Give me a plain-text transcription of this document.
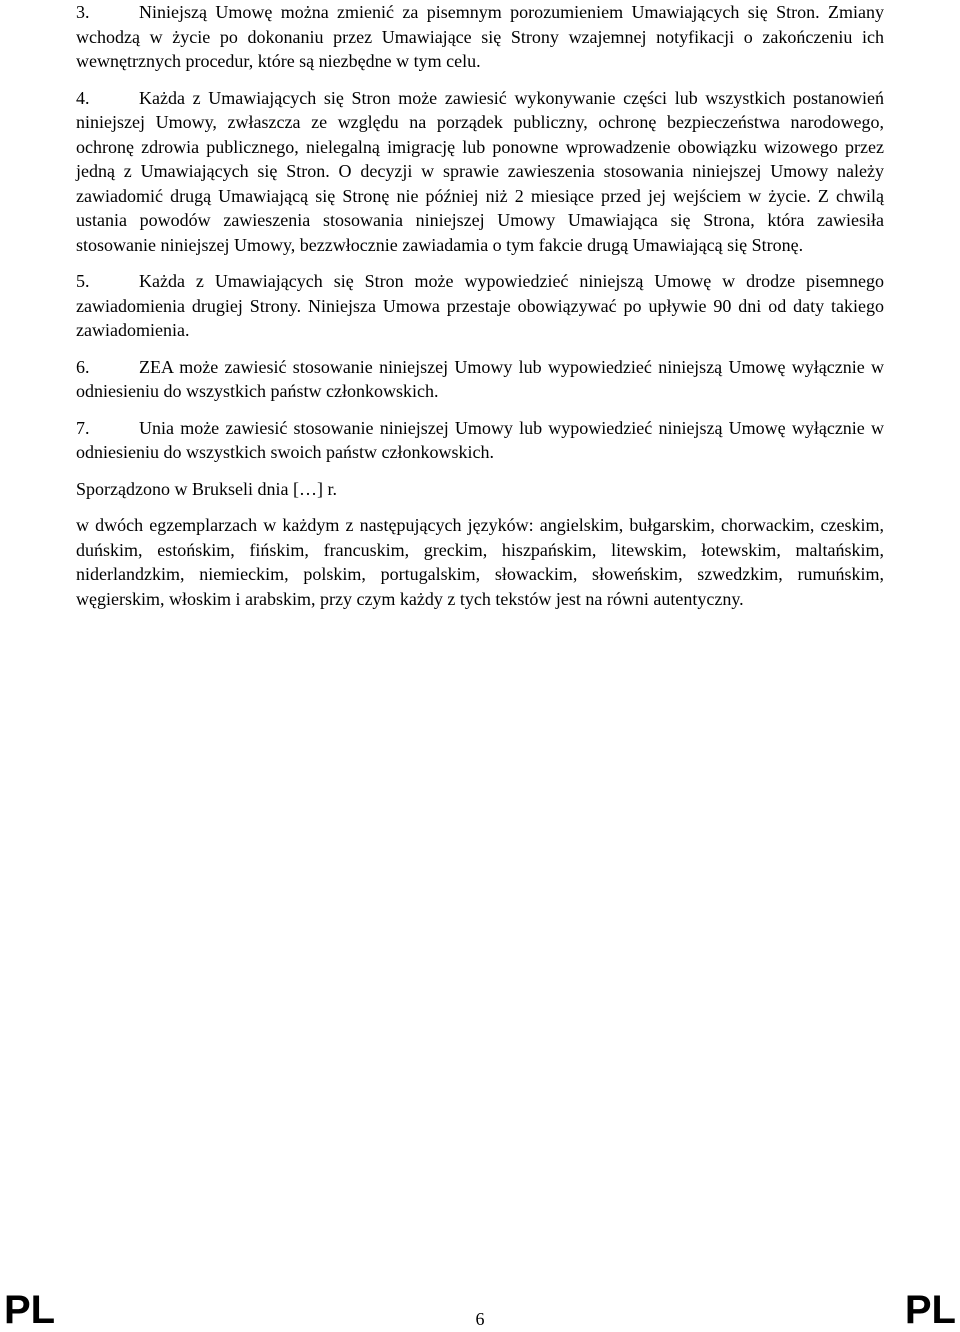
3.	Niniejszą Umowę można zmienić za pisemnym porozumieniem Umawiających się Stron. Zmiany wchodzą w życie po dokonaniu przez Umawiające się Strony wzajemnej notyfikacji o zakończeniu ich wewnętrznych procedur, które są niezbędne w tym celu.

4.	Każda z Umawiających się Stron może zawiesić wykonywanie części lub wszystkich postanowień niniejszej Umowy, zwłaszcza ze względu na porządek publiczny, ochronę bezpieczeństwa narodowego, ochronę zdrowia publicznego, nielegalną imigrację lub ponowne wprowadzenie obowiązku wizowego przez jedną z Umawiających się Stron. O decyzji w sprawie zawieszenia stosowania niniejszej Umowy należy zawiadomić drugą Umawiającą się Stronę nie później niż 2 miesiące przed jej wejściem w życie. Z chwilą ustania powodów zawieszenia stosowania niniejszej Umowy Umawiająca się Strona, która zawiesiła stosowanie niniejszej Umowy, bezzwłocznie zawiadamia o tym fakcie drugą Umawiającą się Stronę.

5.	Każda z Umawiających się Stron może wypowiedzieć niniejszą Umowę w drodze pisemnego zawiadomienia drugiej Strony. Niniejsza Umowa przestaje obowiązywać po upływie 90 dni od daty takiego zawiadomienia.

6.	ZEA może zawiesić stosowanie niniejszej Umowy lub wypowiedzieć niniejszą Umowę wyłącznie w odniesieniu do wszystkich państw członkowskich.

7.	Unia może zawiesić stosowanie niniejszej Umowy lub wypowiedzieć niniejszą Umowę wyłącznie w odniesieniu do wszystkich swoich państw członkowskich.

Sporządzono w Brukseli dnia […] r.

w dwóch egzemplarzach w każdym z następujących języków: angielskim, bułgarskim, chorwackim, czeskim, duńskim, estońskim, fińskim, francuskim, greckim, hiszpańskim, litewskim, łotewskim, maltańskim, niderlandzkim, niemieckim, polskim, portugalskim, słowackim, słoweńskim, szwedzkim, rumuńskim, węgierskim, włoskim i arabskim, przy czym każdy z tych tekstów jest na równi autentyczny.

PL	6	PL
